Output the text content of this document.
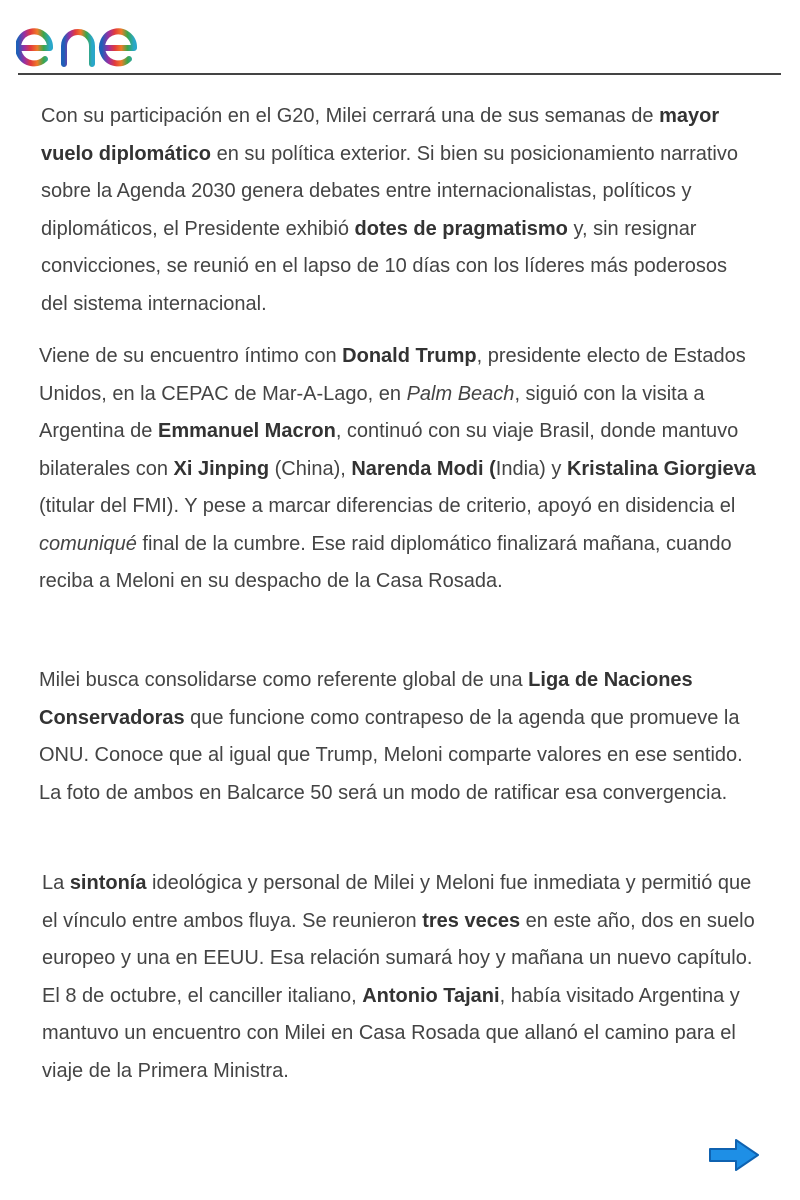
Con su participación en el G20, Milei cerrará una de sus semanas de mayor vuelo diplomático en su política exterior. Si bien su posicionamiento narrativo sobre la Agenda 2030 genera debates entre internacionalistas, políticos y diplomáticos, el Presidente exhibió dotes de pragmatismo y, sin resignar convicciones, se reunió en el lapso de 10 días con los líderes más poderosos del sistema internacional.

Viene de su encuentro íntimo con Donald Trump, presidente electo de Estados Unidos, en la CEPAC de Mar-A-Lago, en Palm Beach, siguió con la visita a Argentina de Emmanuel Macron, continuó con su viaje Brasil, donde mantuvo bilaterales con Xi Jinping (China), Narenda Modi (India) y Kristalina Giorgieva (titular del FMI). Y pese a marcar diferencias de criterio, apoyó en disidencia el comuniqué final de la cumbre. Ese raid diplomático finalizará mañana, cuando reciba a Meloni en su despacho de la Casa Rosada.

Milei busca consolidarse como referente global de una Liga de Naciones Conservadoras que funcione como contrapeso de la agenda que promueve la ONU. Conoce que al igual que Trump, Meloni comparte valores en ese sentido. La foto de ambos en Balcarce 50 será un modo de ratificar esa convergencia.

La sintonía ideológica y personal de Milei y Meloni fue inmediata y permitió que el vínculo entre ambos fluya. Se reunieron tres veces en este año, dos en suelo europeo y una en EEUU. Esa relación sumará hoy y mañana un nuevo capítulo. El 8 de octubre, el canciller italiano, Antonio Tajani, había visitado Argentina y mantuvo un encuentro con Milei en Casa Rosada que allanó el camino para el viaje de la Primera Ministra.
